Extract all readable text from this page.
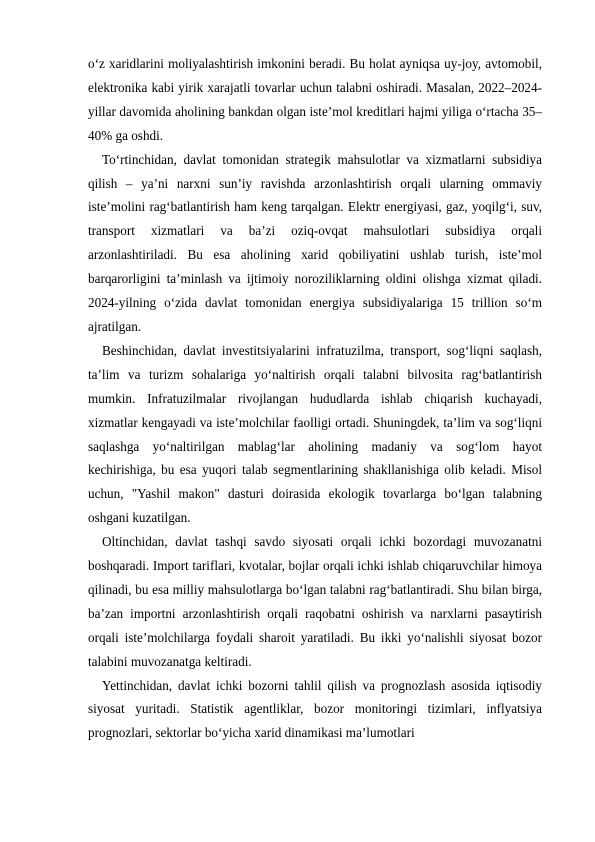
o‘z xaridlarini moliyalashtirish imkonini beradi. Bu holat ayniqsa uy-joy, avtomobil, elektronika kabi yirik xarajatli tovarlar uchun talabni oshiradi. Masalan, 2022–2024-yillar davomida aholining bankdan olgan iste’mol kreditlari hajmi yiliga o‘rtacha 35–40% ga oshdi.

To‘rtinchidan, davlat tomonidan strategik mahsulotlar va xizmatlarni subsidiya qilish – ya’ni narxni sun’iy ravishda arzonlashtirish orqali ularning ommaviy iste’molini rag‘batlantirish ham keng tarqalgan. Elektr energiyasi, gaz, yoqilg‘i, suv, transport xizmatlari va ba’zi oziq-ovqat mahsulotlari subsidiya orqali arzonlashtiriladi. Bu esa aholining xarid qobiliyatini ushlab turish, iste’mol barqarorligini ta’minlash va ijtimoiy noroziliklarning oldini olishga xizmat qiladi. 2024-yilning o‘zida davlat tomonidan energiya subsidiyalariga 15 trillion so‘m ajratilgan.

Beshinchidan, davlat investitsiyalarini infratuzilma, transport, sog‘liqni saqlash, ta’lim va turizm sohalariga yo‘naltirish orqali talabni bilvosita rag‘batlantirish mumkin. Infratuzilmalar rivojlangan hududlarda ishlab chiqarish kuchayadi, xizmatlar kengayadi va iste’molchilar faolligi ortadi. Shuningdek, ta’lim va sog‘liqni saqlashga yo‘naltirilgan mablag‘lar aholining madaniy va sog‘lom hayot kechirishiga, bu esa yuqori talab segmentlarining shakllanishiga olib keladi. Misol uchun, "Yashil makon" dasturi doirasida ekologik tovarlarga bo‘lgan talabning oshgani kuzatilgan.

Oltinchidan, davlat tashqi savdo siyosati orqali ichki bozordagi muvozanatni boshqaradi. Import tariflari, kvotalar, bojlar orqali ichki ishlab chiqaruvchilar himoya qilinadi, bu esa milliy mahsulotlarga bo‘lgan talabni rag‘batlantiradi. Shu bilan birga, ba’zan importni arzonlashtirish orqali raqobatni oshirish va narxlarni pasaytirish orqali iste’molchilarga foydali sharoit yaratiladi. Bu ikki yo‘nalishli siyosat bozor talabini muvozanatga keltiradi.

Yettinchidan, davlat ichki bozorni tahlil qilish va prognozlash asosida iqtisodiy siyosat yuritadi. Statistik agentliklar, bozor monitoringi tizimlari, inflyatsiya prognozlari, sektorlar bo‘yicha xarid dinamikasi ma’lumotlari
